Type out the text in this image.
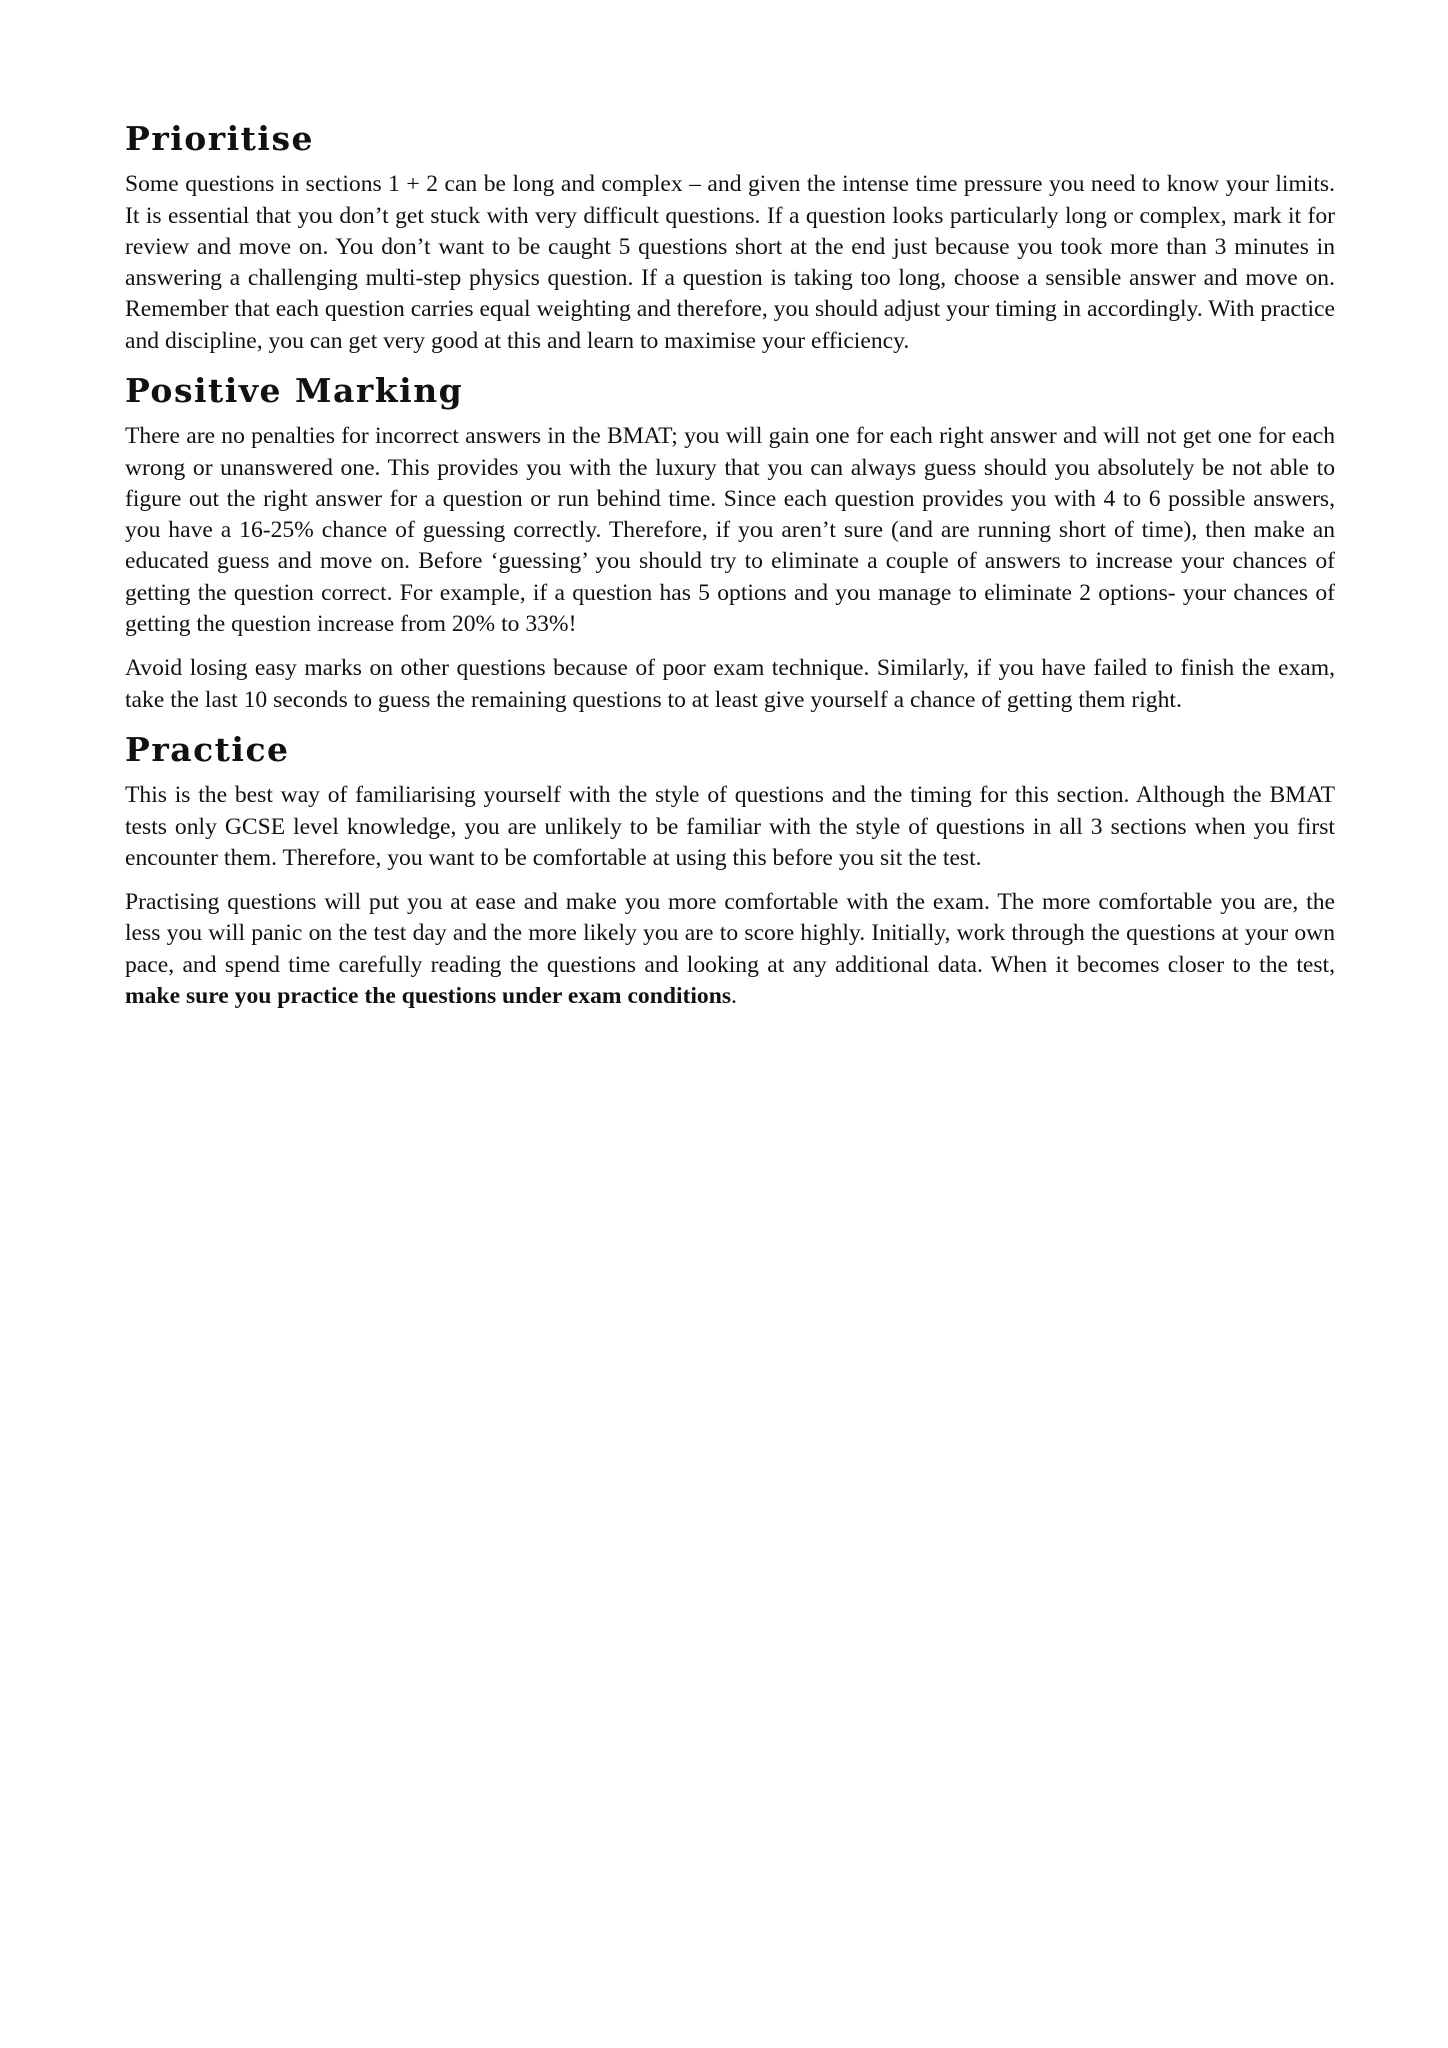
Prioritise

Some questions in sections 1 + 2 can be long and complex – and given the intense time pressure you need to know your limits. It is essential that you don’t get stuck with very difficult questions. If a question looks particularly long or complex, mark it for review and move on. You don’t want to be caught 5 questions short at the end just because you took more than 3 minutes in answering a challenging multi-step physics question. If a question is taking too long, choose a sensible answer and move on. Remember that each question carries equal weighting and therefore, you should adjust your timing in accordingly. With practice and discipline, you can get very good at this and learn to maximise your efficiency.

Positive Marking

There are no penalties for incorrect answers in the BMAT; you will gain one for each right answer and will not get one for each wrong or unanswered one. This provides you with the luxury that you can always guess should you absolutely be not able to figure out the right answer for a question or run behind time. Since each question provides you with 4 to 6 possible answers, you have a 16-25% chance of guessing correctly. Therefore, if you aren’t sure (and are running short of time), then make an educated guess and move on. Before ‘guessing’ you should try to eliminate a couple of answers to increase your chances of getting the question correct. For example, if a question has 5 options and you manage to eliminate 2 options- your chances of getting the question increase from 20% to 33%!

Avoid losing easy marks on other questions because of poor exam technique. Similarly, if you have failed to finish the exam, take the last 10 seconds to guess the remaining questions to at least give yourself a chance of getting them right.

Practice

This is the best way of familiarising yourself with the style of questions and the timing for this section. Although the BMAT tests only GCSE level knowledge, you are unlikely to be familiar with the style of questions in all 3 sections when you first encounter them. Therefore, you want to be comfortable at using this before you sit the test.

Practising questions will put you at ease and make you more comfortable with the exam. The more comfortable you are, the less you will panic on the test day and the more likely you are to score highly. Initially, work through the questions at your own pace, and spend time carefully reading the questions and looking at any additional data. When it becomes closer to the test, make sure you practice the questions under exam conditions.
